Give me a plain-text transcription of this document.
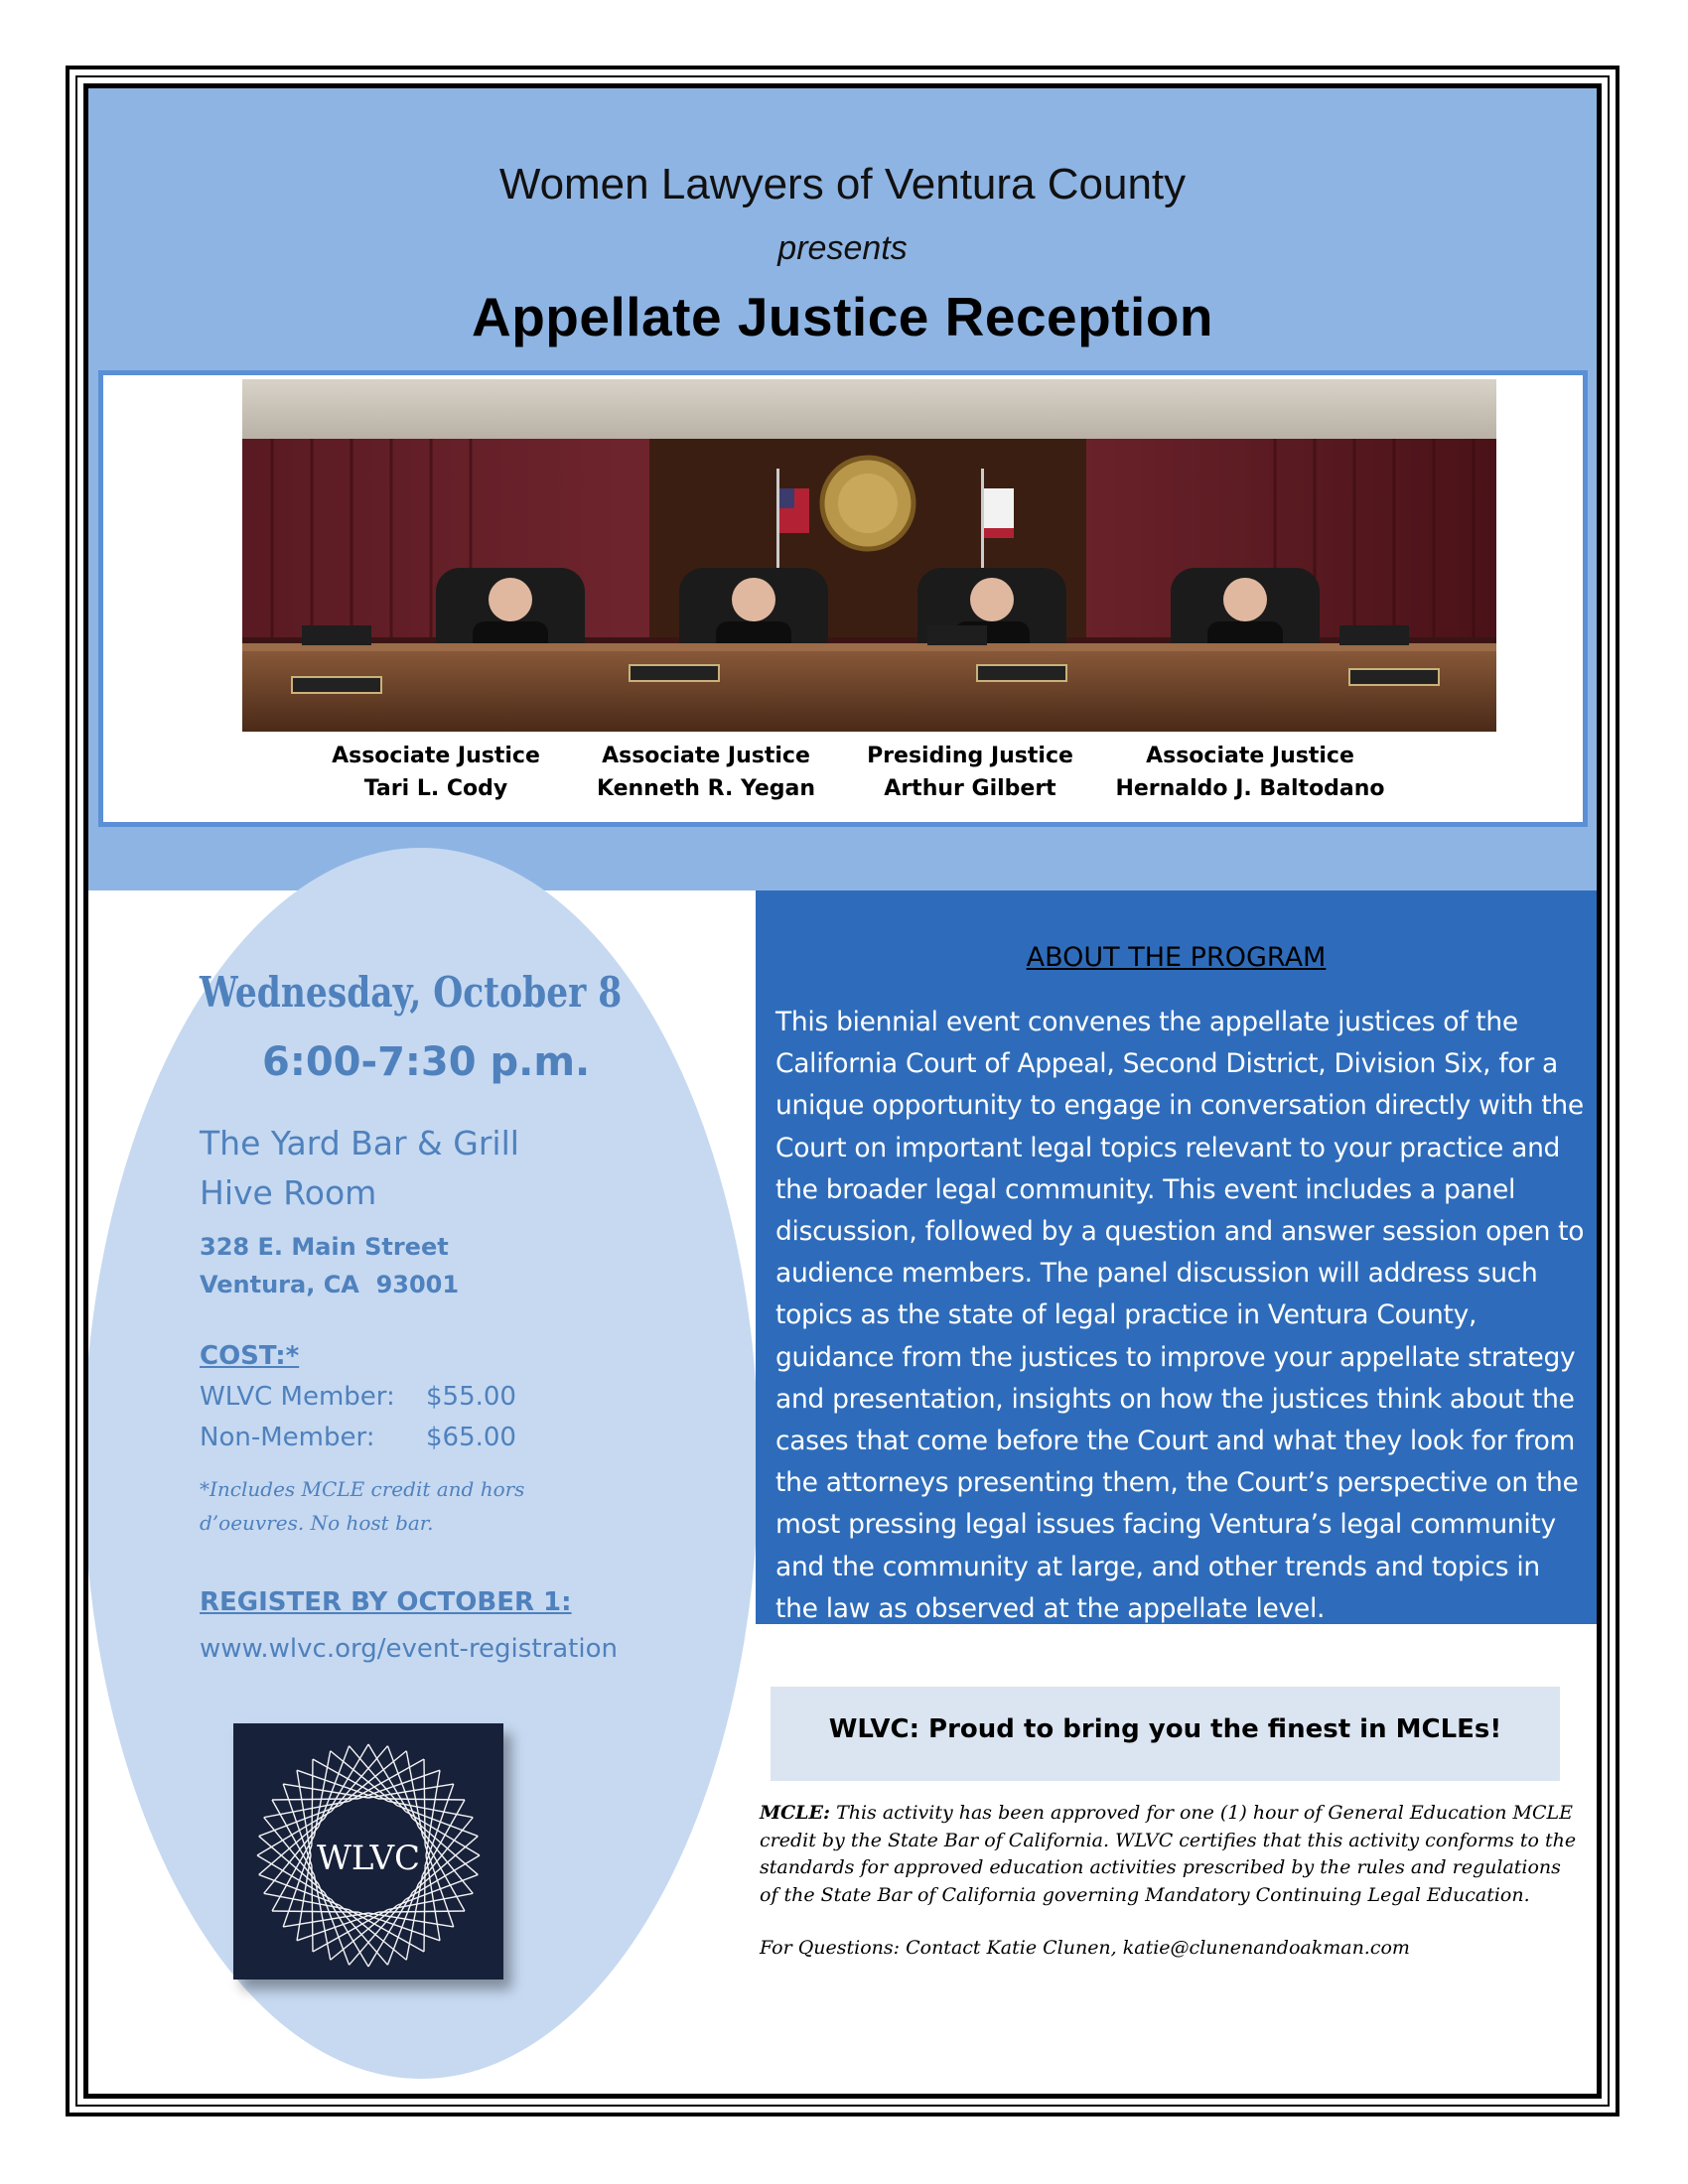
Women Lawyers of Ventura County
presents
Appellate Justice Reception
Associate Justice
Tari L. Cody
Associate Justice
Kenneth R. Yegan
Presiding Justice
Arthur Gilbert
Associate Justice
Hernaldo J. Baltodano
Wednesday, October 8
6:00-7:30 p.m.
The Yard Bar & Grill
Hive Room
328 E. Main Street
Ventura, CA  93001
COST:*
WLVC Member: $55.00
Non-Member: $65.00
*Includes MCLE credit and hors d’oeuvres. No host bar.
REGISTER BY OCTOBER 1:
www.wlvc.org/event-registration
WLVC
ABOUT THE PROGRAM
This biennial event convenes the appellate justices of the California Court of Appeal, Second District, Division Six, for a unique opportunity to engage in conversation directly with the Court on important legal topics relevant to your practice and the broader legal community. This event includes a panel discussion, followed by a question and answer session open to audience members. The panel discussion will address such topics as the state of legal practice in Ventura County, guidance from the justices to improve your appellate strategy and presentation, insights on how the justices think about the cases that come before the Court and what they look for from the attorneys presenting them, the Court’s perspective on the most pressing legal issues facing Ventura’s legal community and the community at large, and other trends and topics in the law as observed at the appellate level.
WLVC: Proud to bring you the finest in MCLEs!
MCLE: This activity has been approved for one (1) hour of General Education MCLE credit by the State Bar of California. WLVC certifies that this activity conforms to the standards for approved education activities prescribed by the rules and regulations of the State Bar of California governing Mandatory Continuing Legal Education.
For Questions: Contact Katie Clunen, katie@clunenandoakman.com
